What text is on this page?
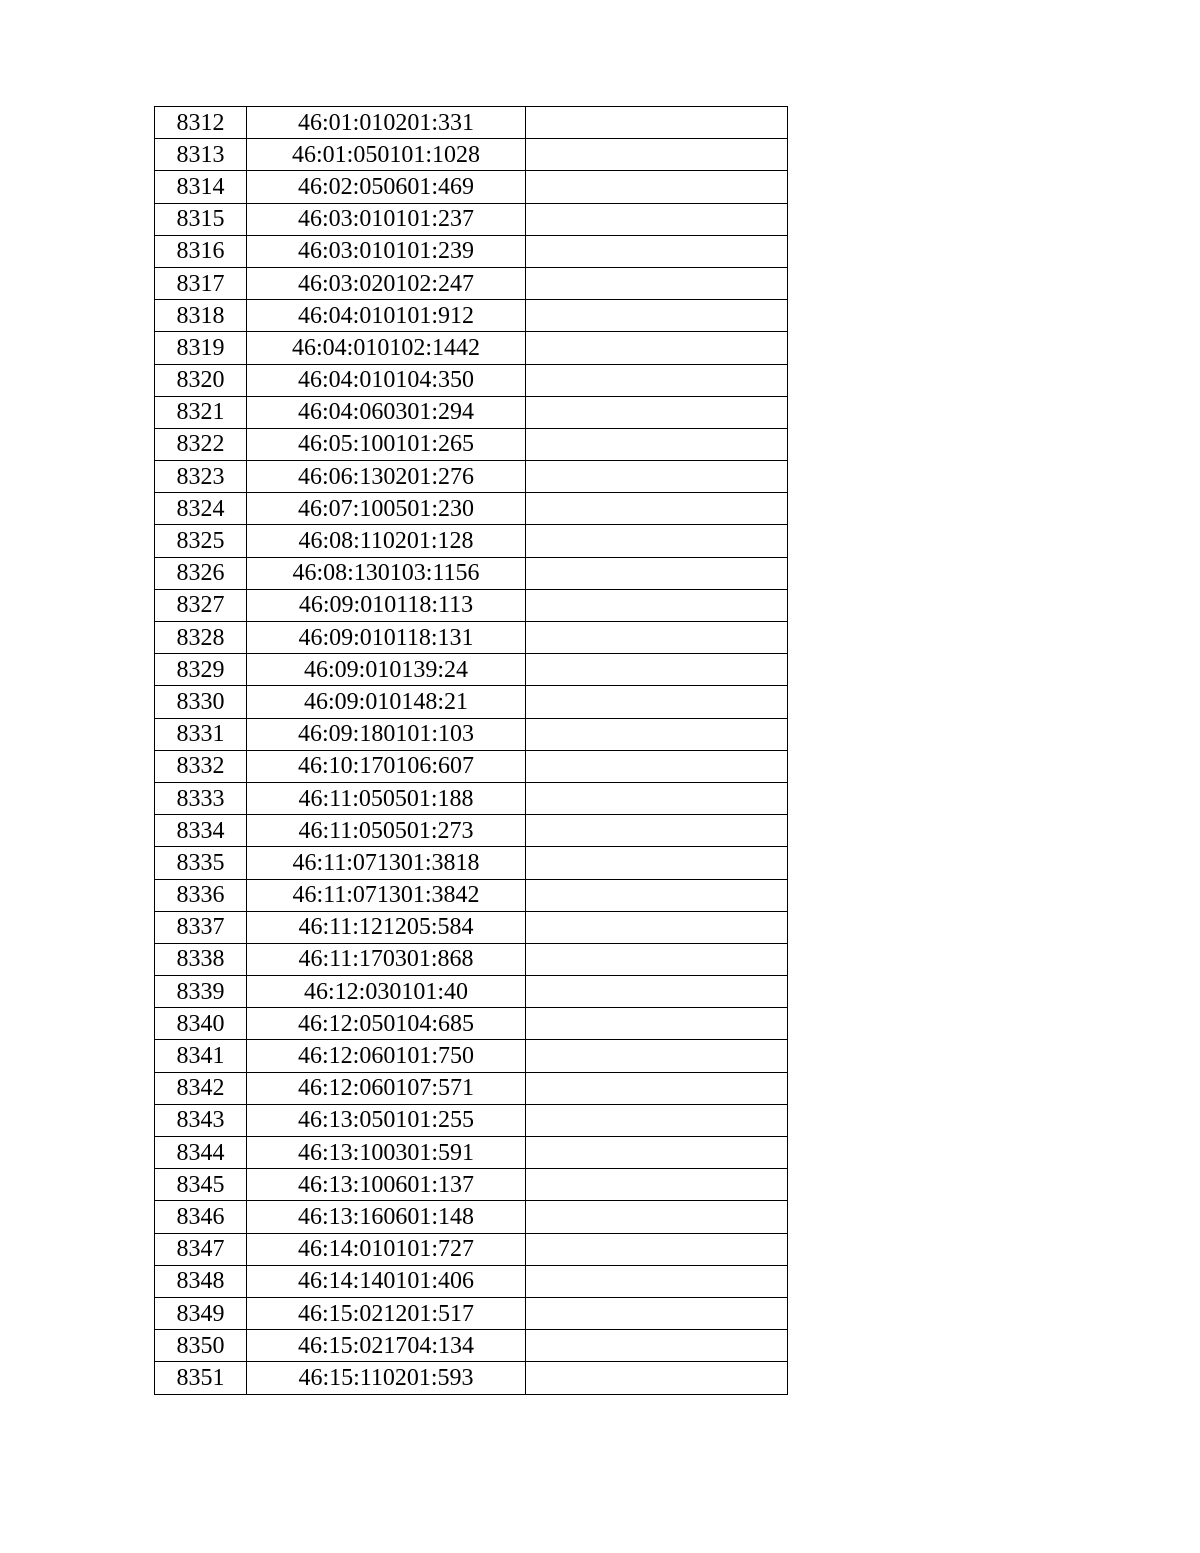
8312	46:01:010201:331	
8313	46:01:050101:1028	
8314	46:02:050601:469	
8315	46:03:010101:237	
8316	46:03:010101:239	
8317	46:03:020102:247	
8318	46:04:010101:912	
8319	46:04:010102:1442	
8320	46:04:010104:350	
8321	46:04:060301:294	
8322	46:05:100101:265	
8323	46:06:130201:276	
8324	46:07:100501:230	
8325	46:08:110201:128	
8326	46:08:130103:1156	
8327	46:09:010118:113	
8328	46:09:010118:131	
8329	46:09:010139:24	
8330	46:09:010148:21	
8331	46:09:180101:103	
8332	46:10:170106:607	
8333	46:11:050501:188	
8334	46:11:050501:273	
8335	46:11:071301:3818	
8336	46:11:071301:3842	
8337	46:11:121205:584	
8338	46:11:170301:868	
8339	46:12:030101:40	
8340	46:12:050104:685	
8341	46:12:060101:750	
8342	46:12:060107:571	
8343	46:13:050101:255	
8344	46:13:100301:591	
8345	46:13:100601:137	
8346	46:13:160601:148	
8347	46:14:010101:727	
8348	46:14:140101:406	
8349	46:15:021201:517	
8350	46:15:021704:134	
8351	46:15:110201:593	
